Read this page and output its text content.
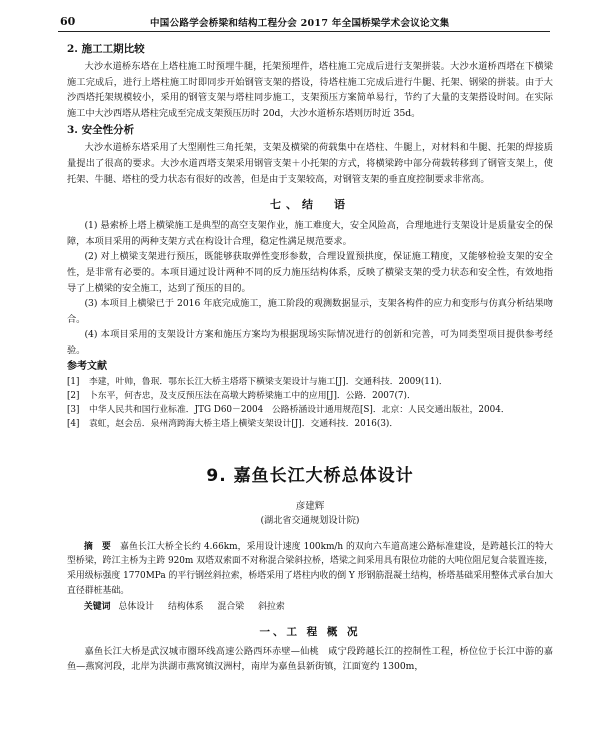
60	中国公路学会桥梁和结构工程分会 2017 年全国桥梁学术会议论文集
2. 施工工期比较

大沙水道桥东塔在上塔柱施工时预埋牛腿，托架预埋件，塔柱施工完成后进行支架拼装。大沙水道桥西塔在下横梁施工完成后，进行上塔柱施工时即同步开始钢管支架的搭设，待塔柱施工完成后进行牛腿、托架、钢梁的拼装。由于大沙西塔托架规模较小，采用的钢管支架与塔柱同步施工，支架预压方案简单易行，节约了大量的支架搭设时间。在实际施工中大沙西塔从塔柱完成至完成支架预压历时 20d，大沙水道桥东塔则历时近 35d。

3. 安全性分析

大沙水道桥东塔采用了大型刚性三角托架，支架及横梁的荷载集中在塔柱、牛腿上，对材料和牛腿、托架的焊接质量提出了很高的要求。大沙水道西塔支架采用钢管支架＋小托架的方式，将横梁跨中部分荷载转移到了钢管支架上，使托架、牛腿、塔柱的受力状态有很好的改善，但是由于支架较高，对钢管支架的垂直度控制要求非常高。

七、结　语

(1) 悬索桥上塔上横梁施工是典型的高空支架作业，施工难度大，安全风险高，合理地进行支架设计是质量安全的保障，本项目采用的两种支架方式在构设计合理，稳定性满足规范要求。

(2) 对上横梁支架进行预压，既能够获取弹性变形参数，合理设置预拱度，保证施工精度，又能够检验支架的安全性，是非常有必要的。本项目通过设计两种不同的反力施压结构体系，反映了横梁支架的受力状态和安全性，有效地指导了上横梁的安全施工，达到了预压的目的。

(3) 本项目上横梁已于 2016 年底完成施工，施工阶段的观测数据显示，支架各构件的应力和变形与仿真分析结果吻合。

(4) 本项目采用的支架设计方案和施压方案均为根据现场实际情况进行的创新和完善，可为同类型项目提供参考经验。

参考文献
[1] 李建，叶帅，鲁珉．鄂东长江大桥主塔塔下横梁支架设计与施工[J]．交通科技．2009(11)．
[2] 卜东平，何杏忠，及支反预压法在高墩大跨桥梁施工中的应用[J]．公路．2007(7)．
[3] 中华人民共和国行业标准．JTG D60－2004　公路桥涵设计通用规范[S]．北京：人民交通出版社，2004．
[4] 袁虹，赵会岳．泉州湾跨海大桥主塔上横梁支架设计[J]．交通科技．2016(3)．
9. 嘉鱼长江大桥总体设计
彦建辉
(湖北省交通规划设计院)

摘　要　 嘉鱼长江大桥全长约 4.66km，采用设计速度 100km/h 的双向六车道高速公路标准建设，是跨越长江的特大型桥梁，跨江主桥为主跨 920m 双塔双索面不对称混合梁斜拉桥，塔梁之间采用具有限位功能的大吨位阻尼复合装置连接，采用级标强度 1770MPa 的平行钢丝斜拉索，桥塔采用了塔柱内收的倒 Y 形钢筋混凝土结构，桥塔基础采用整体式承台加大直径群桩基础。

关键词 总体设计 结构体系 混合梁 斜拉索

一、工 程 概 况

嘉鱼长江大桥是武汉城市圈环线高速公路西环赤壁—仙桃　咸宁段跨越长江的控制性工程，桥位位于长江中游的嘉鱼—燕窝河段，北岸为洪湖市燕窝镇汉洲村，南岸为嘉鱼县新街镇，江面宽约 1300m，
